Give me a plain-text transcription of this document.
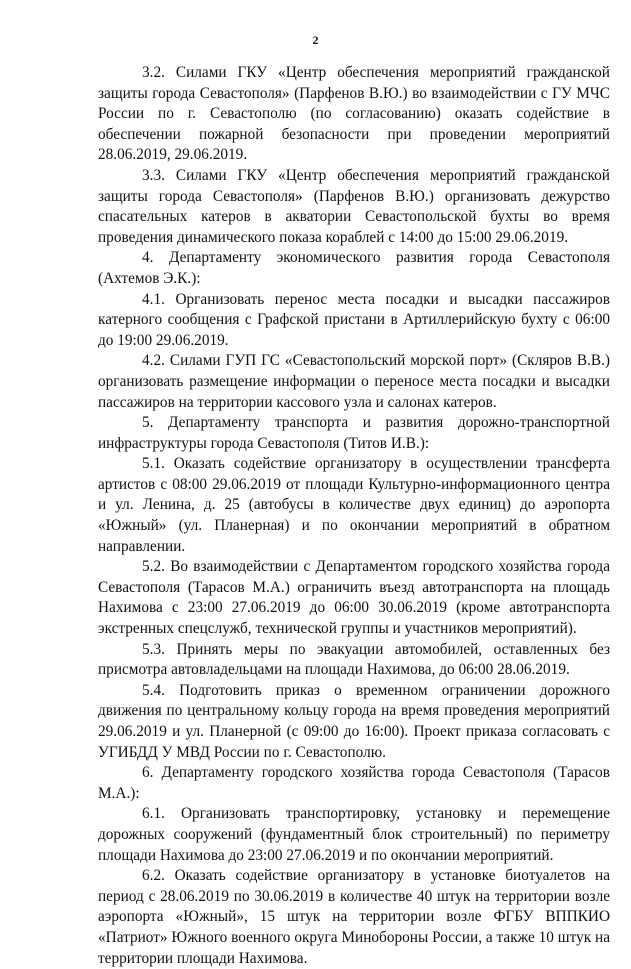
2

3.2. Силами ГКУ «Центр обеспечения мероприятий гражданской защиты города Севастополя» (Парфенов В.Ю.) во взаимодействии с ГУ МЧС России по г. Севастополю (по согласованию) оказать содействие в обеспечении пожарной безопасности при проведении мероприятий 28.06.2019, 29.06.2019.

3.3. Силами ГКУ «Центр обеспечения мероприятий гражданской защиты города Севастополя» (Парфенов В.Ю.) организовать дежурство спасательных катеров в акватории Севастопольской бухты во время проведения динамического показа кораблей с 14:00 до 15:00 29.06.2019.

4. Департаменту экономического развития города Севастополя (Ахтемов Э.К.):

4.1. Организовать перенос места посадки и высадки пассажиров катерного сообщения с Графской пристани в Артиллерийскую бухту с 06:00 до 19:00 29.06.2019.

4.2. Силами ГУП ГС «Севастопольский морской порт» (Скляров В.В.) организовать размещение информации о переносе места посадки и высадки пассажиров на территории кассового узла и салонах катеров.

5. Департаменту транспорта и развития дорожно-транспортной инфраструктуры города Севастополя (Титов И.В.):

5.1. Оказать содействие организатору в осуществлении трансферта артистов с 08:00 29.06.2019 от площади Культурно-информационного центра и ул. Ленина, д. 25 (автобусы в количестве двух единиц) до аэропорта «Южный» (ул. Планерная) и по окончании мероприятий в обратном направлении.

5.2. Во взаимодействии с Департаментом городского хозяйства города Севастополя (Тарасов М.А.) ограничить въезд автотранспорта на площадь Нахимова с 23:00 27.06.2019 до 06:00 30.06.2019 (кроме автотранспорта экстренных спецслужб, технической группы и участников мероприятий).

5.3. Принять меры по эвакуации автомобилей, оставленных без присмотра автовладельцами на площади Нахимова, до 06:00 28.06.2019.

5.4. Подготовить приказ о временном ограничении дорожного движения по центральному кольцу города на время проведения мероприятий 29.06.2019 и ул. Планерной (с 09:00 до 16:00). Проект приказа согласовать с УГИБДД У МВД России по г. Севастополю.

6. Департаменту городского хозяйства города Севастополя (Тарасов М.А.):

6.1. Организовать транспортировку, установку и перемещение дорожных сооружений (фундаментный блок строительный) по периметру площади Нахимова до 23:00 27.06.2019 и по окончании мероприятий.

6.2. Оказать содействие организатору в установке биотуалетов на период с 28.06.2019 по 30.06.2019 в количестве 40 штук на территории возле аэропорта «Южный», 15 штук на территории возле ФГБУ ВППКИО «Патриот» Южного военного округа Минобороны России, а также 10 штук на территории площади Нахимова.
